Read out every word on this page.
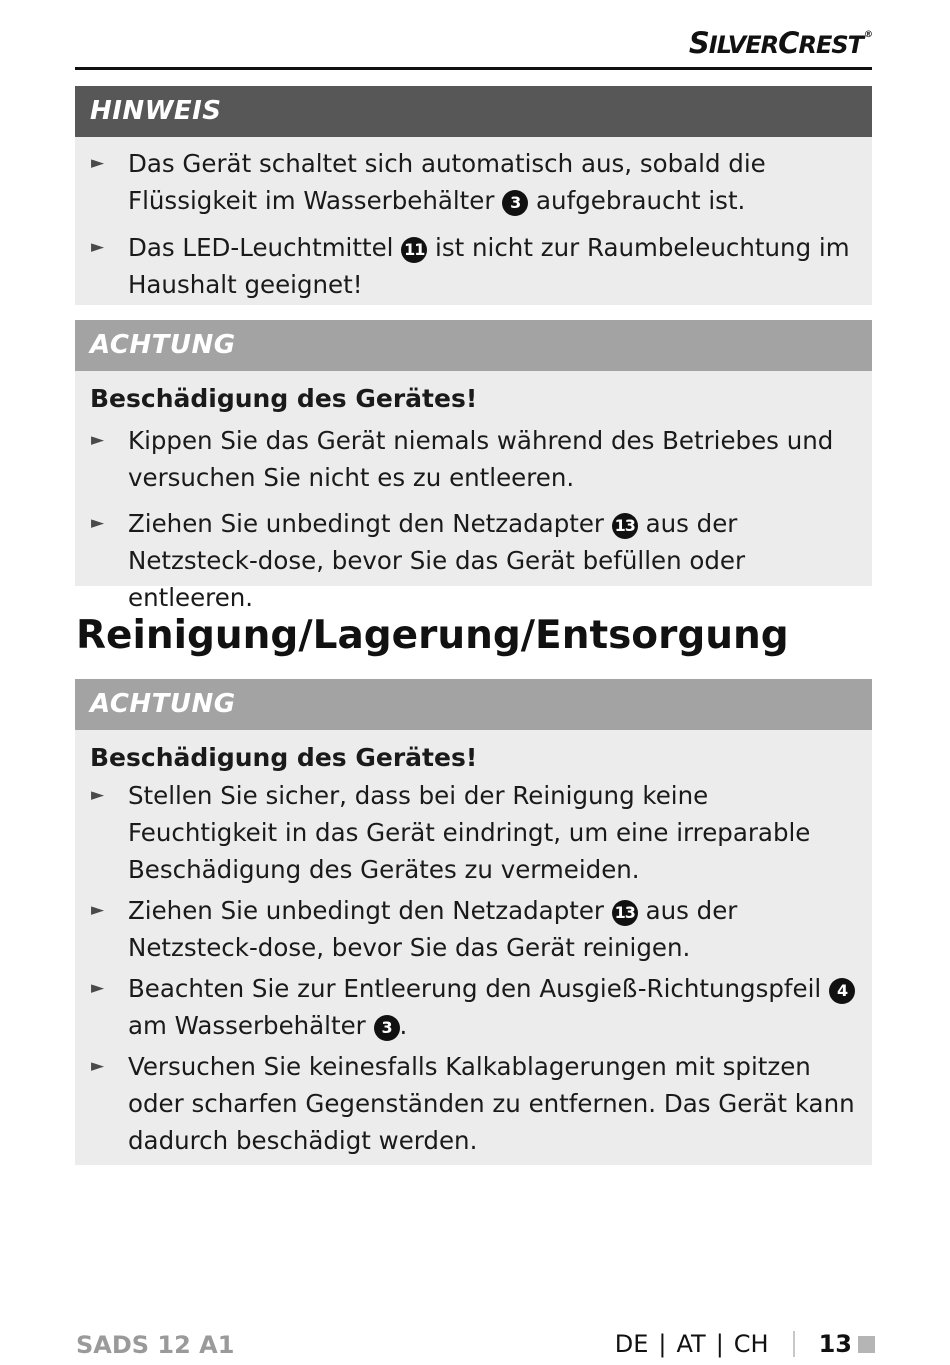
SILVERCREST®
HINWEIS
► Das Gerät schaltet sich automatisch aus, sobald die Flüssigkeit im Wasserbehälter 3 aufgebraucht ist.
► Das LED-Leuchtmittel 11 ist nicht zur Raumbeleuchtung im Haushalt geeignet!
ACHTUNG
Beschädigung des Gerätes!
► Kippen Sie das Gerät niemals während des Betriebes und versuchen Sie nicht es zu entleeren.
► Ziehen Sie unbedingt den Netzadapter 13 aus der Netzsteck-dose, bevor Sie das Gerät befüllen oder entleeren.
Reinigung/Lagerung/Entsorgung
ACHTUNG
Beschädigung des Gerätes!
► Stellen Sie sicher, dass bei der Reinigung keine Feuchtigkeit in das Gerät eindringt, um eine irreparable Beschädigung des Gerätes zu vermeiden.
► Ziehen Sie unbedingt den Netzadapter 13 aus der Netzsteck-dose, bevor Sie das Gerät reinigen.
► Beachten Sie zur Entleerung den Ausgieß-Richtungspfeil 4 am Wasserbehälter 3 .
► Versuchen Sie keinesfalls Kalkablagerungen mit spitzen oder scharfen Gegenständen zu entfernen. Das Gerät kann dadurch beschädigt werden.
SADS 12 A1	DE | AT | CH 13
